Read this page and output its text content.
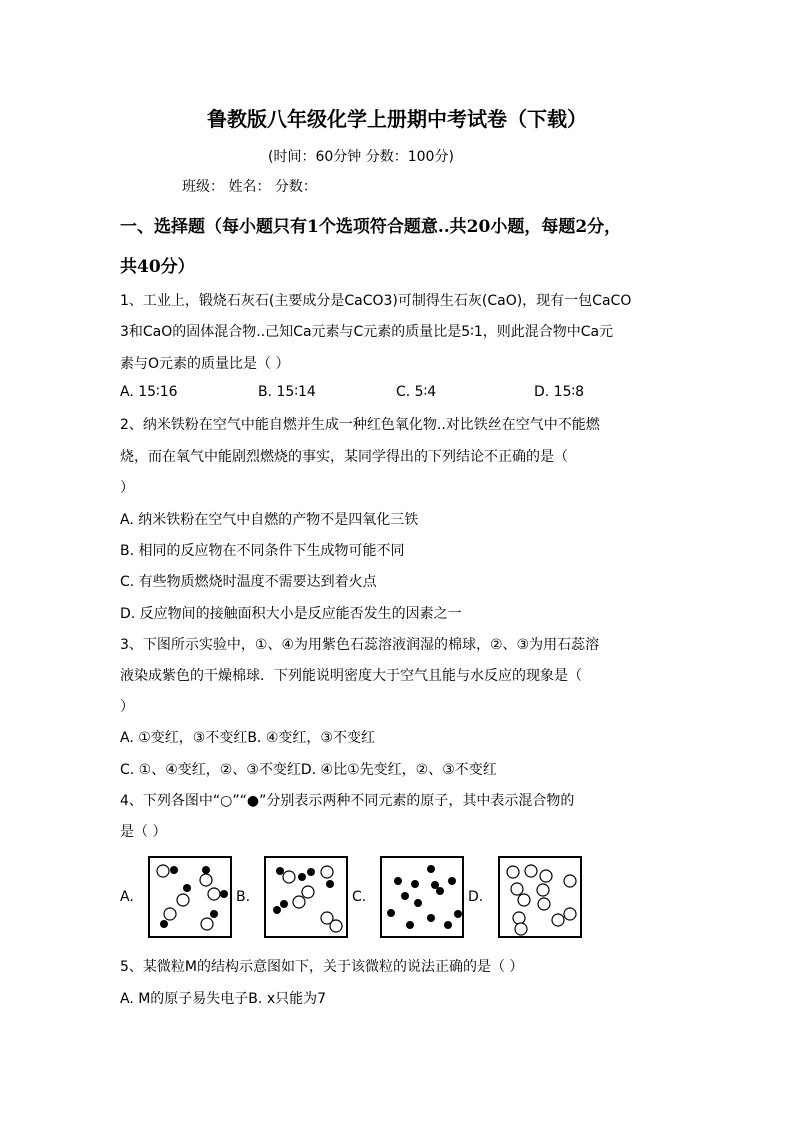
鲁教版八年级化学上册期中考试卷（下载）
(时间：60分钟 分数：100分)
班级： 姓名： 分数：
一、选择题（每小题只有1个选项符合题意..共20小题，每题2分，
共40分）
1、工业上，锻烧石灰石(主要成分是CaCO3)可制得生石灰(CaO)，现有一包CaCO
3和CaO的固体混合物..己知Ca元素与C元素的质量比是5∶1，则此混合物中Ca元
素与O元素的质量比是（ ）
A. 15∶16	B. 15∶14	C. 5∶4	D. 15∶8
2、纳米铁粉在空气中能自燃并生成一种红色氧化物..对比铁丝在空气中不能燃
烧，而在氧气中能剧烈燃烧的事实，某同学得出的下列结论不正确的是（
）
A. 纳米铁粉在空气中自燃的产物不是四氧化三铁
B. 相同的反应物在不同条件下生成物可能不同
C. 有些物质燃烧时温度不需要达到着火点
D. 反应物间的接触面积大小是反应能否发生的因素之一
3、下图所示实验中，①、④为用紫色石蕊溶液润湿的棉球，②、③为用石蕊溶
液染成紫色的干燥棉球．下列能说明密度大于空气且能与水反应的现象是（
）
A. ①变红，③不变红B. ④变红，③不变红
C. ①、④变红，②、③不变红D. ④比①先变红，②、③不变红
4、下列各图中“○”“●”分别表示两种不同元素的原子，其中表示混合物的
是（ ）
A.	B.	C.	D.
5、某微粒M的结构示意图如下，关于该微粒的说法正确的是（ ）
A. M的原子易失电子B. x只能为7
